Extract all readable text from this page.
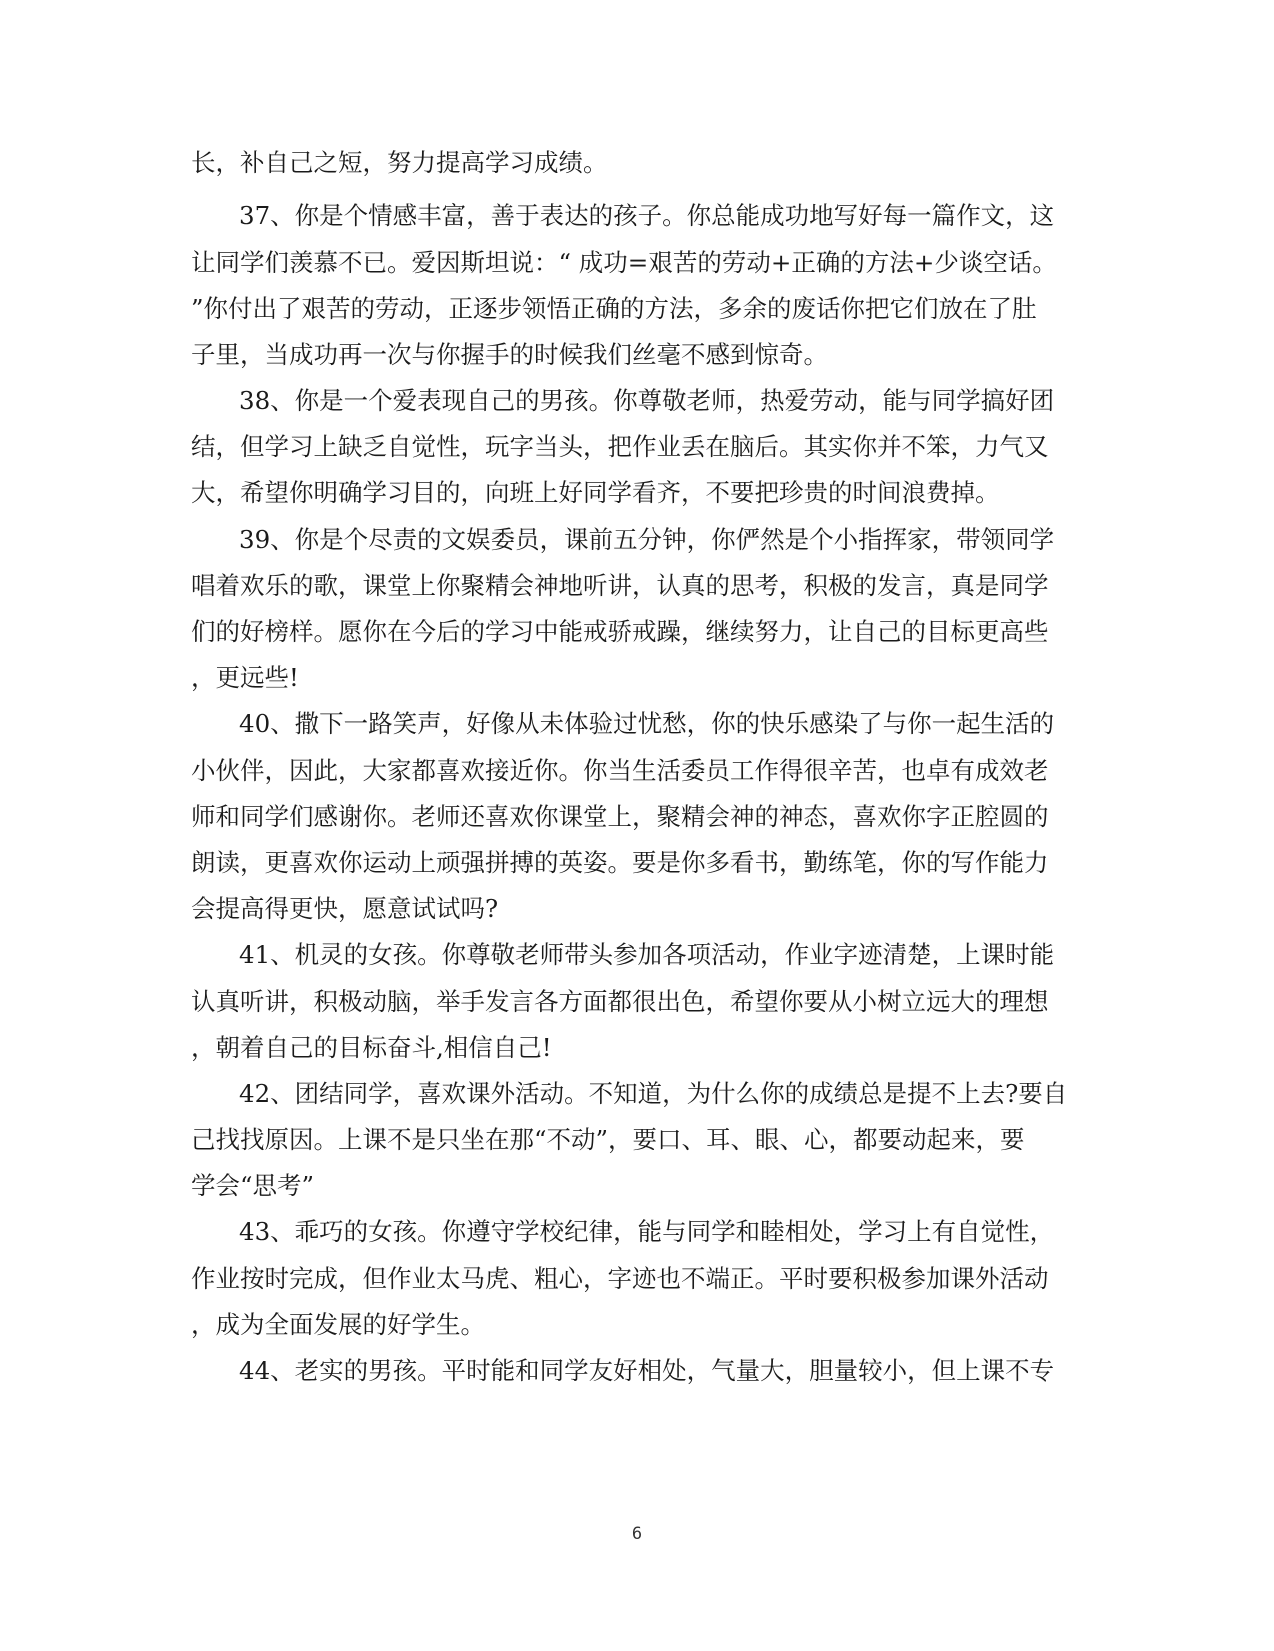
长，补自己之短，努力提高学习成绩。
37、你是个情感丰富，善于表达的孩子。你总能成功地写好每一篇作文，这
让同学们羡慕不已。爱因斯坦说：“ 成功=艰苦的劳动+正确的方法+少谈空话。
”你付出了艰苦的劳动，正逐步领悟正确的方法，多余的废话你把它们放在了肚
子里，当成功再一次与你握手的时候我们丝毫不感到惊奇。
38、你是一个爱表现自己的男孩。你尊敬老师，热爱劳动，能与同学搞好团
结，但学习上缺乏自觉性，玩字当头，把作业丢在脑后。其实你并不笨，力气又
大，希望你明确学习目的，向班上好同学看齐，不要把珍贵的时间浪费掉。
39、你是个尽责的文娱委员，课前五分钟，你俨然是个小指挥家，带领同学
唱着欢乐的歌，课堂上你聚精会神地听讲，认真的思考，积极的发言，真是同学
们的好榜样。愿你在今后的学习中能戒骄戒躁，继续努力，让自己的目标更高些
，更远些!
40、撒下一路笑声，好像从未体验过忧愁，你的快乐感染了与你一起生活的
小伙伴，因此，大家都喜欢接近你。你当生活委员工作得很辛苦，也卓有成效老
师和同学们感谢你。老师还喜欢你课堂上，聚精会神的神态，喜欢你字正腔圆的
朗读，更喜欢你运动上顽强拼搏的英姿。要是你多看书，勤练笔，你的写作能力
会提高得更快，愿意试试吗?
41、机灵的女孩。你尊敬老师带头参加各项活动，作业字迹清楚，上课时能
认真听讲，积极动脑，举手发言各方面都很出色，希望你要从小树立远大的理想
，朝着自己的目标奋斗,相信自己!
42、团结同学，喜欢课外活动。不知道，为什么你的成绩总是提不上去?要自
己找找原因。上课不是只坐在那“不动”，要口、耳、眼、心，都要动起来，要
学会“思考”
43、乖巧的女孩。你遵守学校纪律，能与同学和睦相处，学习上有自觉性，
作业按时完成，但作业太马虎、粗心，字迹也不端正。平时要积极参加课外活动
，成为全面发展的好学生。
44、老实的男孩。平时能和同学友好相处，气量大，胆量较小，但上课不专
6
